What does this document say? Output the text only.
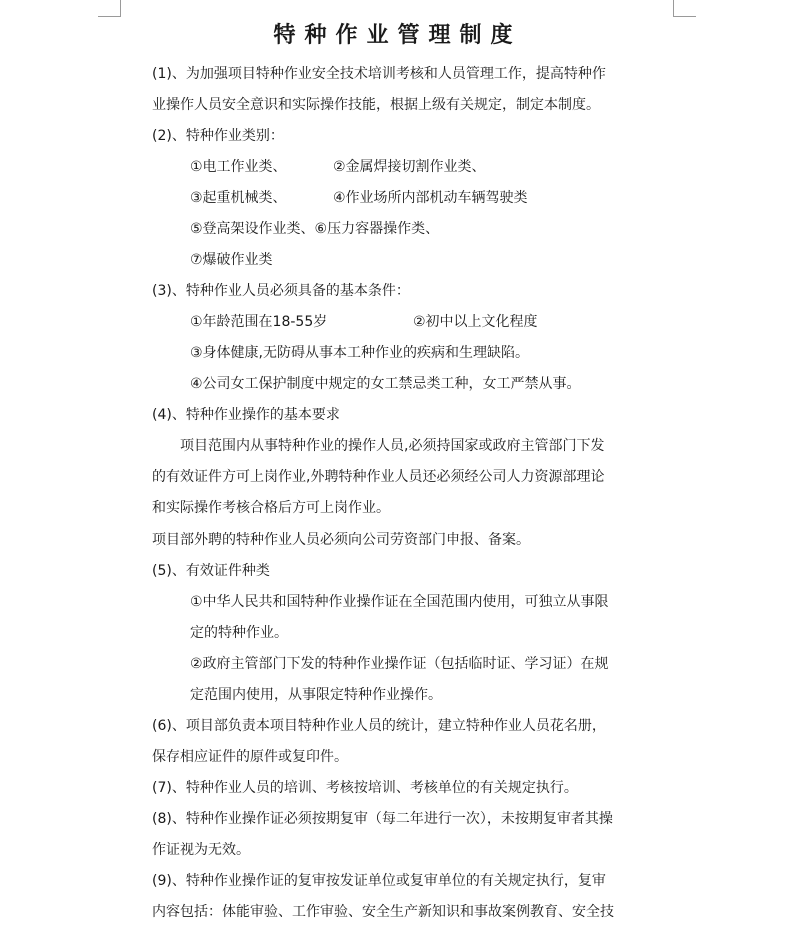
特种作业管理制度
(1)、为加强项目特种作业安全技术培训考核和人员管理工作，提高特种作
业操作人员安全意识和实际操作技能，根据上级有关规定，制定本制度。
(2)、特种作业类别：
①电工作业类、	②金属焊接切割作业类、
③起重机械类、	④作业场所内部机动车辆驾驶类
⑤登高架设作业类、⑥压力容器操作类、
⑦爆破作业类
(3)、特种作业人员必须具备的基本条件：
①年龄范围在18-55岁	②初中以上文化程度
③身体健康,无防碍从事本工种作业的疾病和生理缺陷。
④公司女工保护制度中规定的女工禁忌类工种，女工严禁从事。
(4)、特种作业操作的基本要求
项目范围内从事特种作业的操作人员,必须持国家或政府主管部门下发
的有效证件方可上岗作业,外聘特种作业人员还必须经公司人力资源部理论
和实际操作考核合格后方可上岗作业。
项目部外聘的特种作业人员必须向公司劳资部门申报、备案。
(5)、有效证件种类
①中华人民共和国特种作业操作证在全国范围内使用，可独立从事限
定的特种作业。
②政府主管部门下发的特种作业操作证（包括临时证、学习证）在规
定范围内使用，从事限定特种作业操作。
(6)、项目部负责本项目特种作业人员的统计，建立特种作业人员花名册，
保存相应证件的原件或复印件。
(7)、特种作业人员的培训、考核按培训、考核单位的有关规定执行。
(8)、特种作业操作证必须按期复审（每二年进行一次），未按期复审者其操
作证视为无效。
(9)、特种作业操作证的复审按发证单位或复审单位的有关规定执行，复审
内容包括：体能审验、工作审验、安全生产新知识和事故案例教育、安全技
